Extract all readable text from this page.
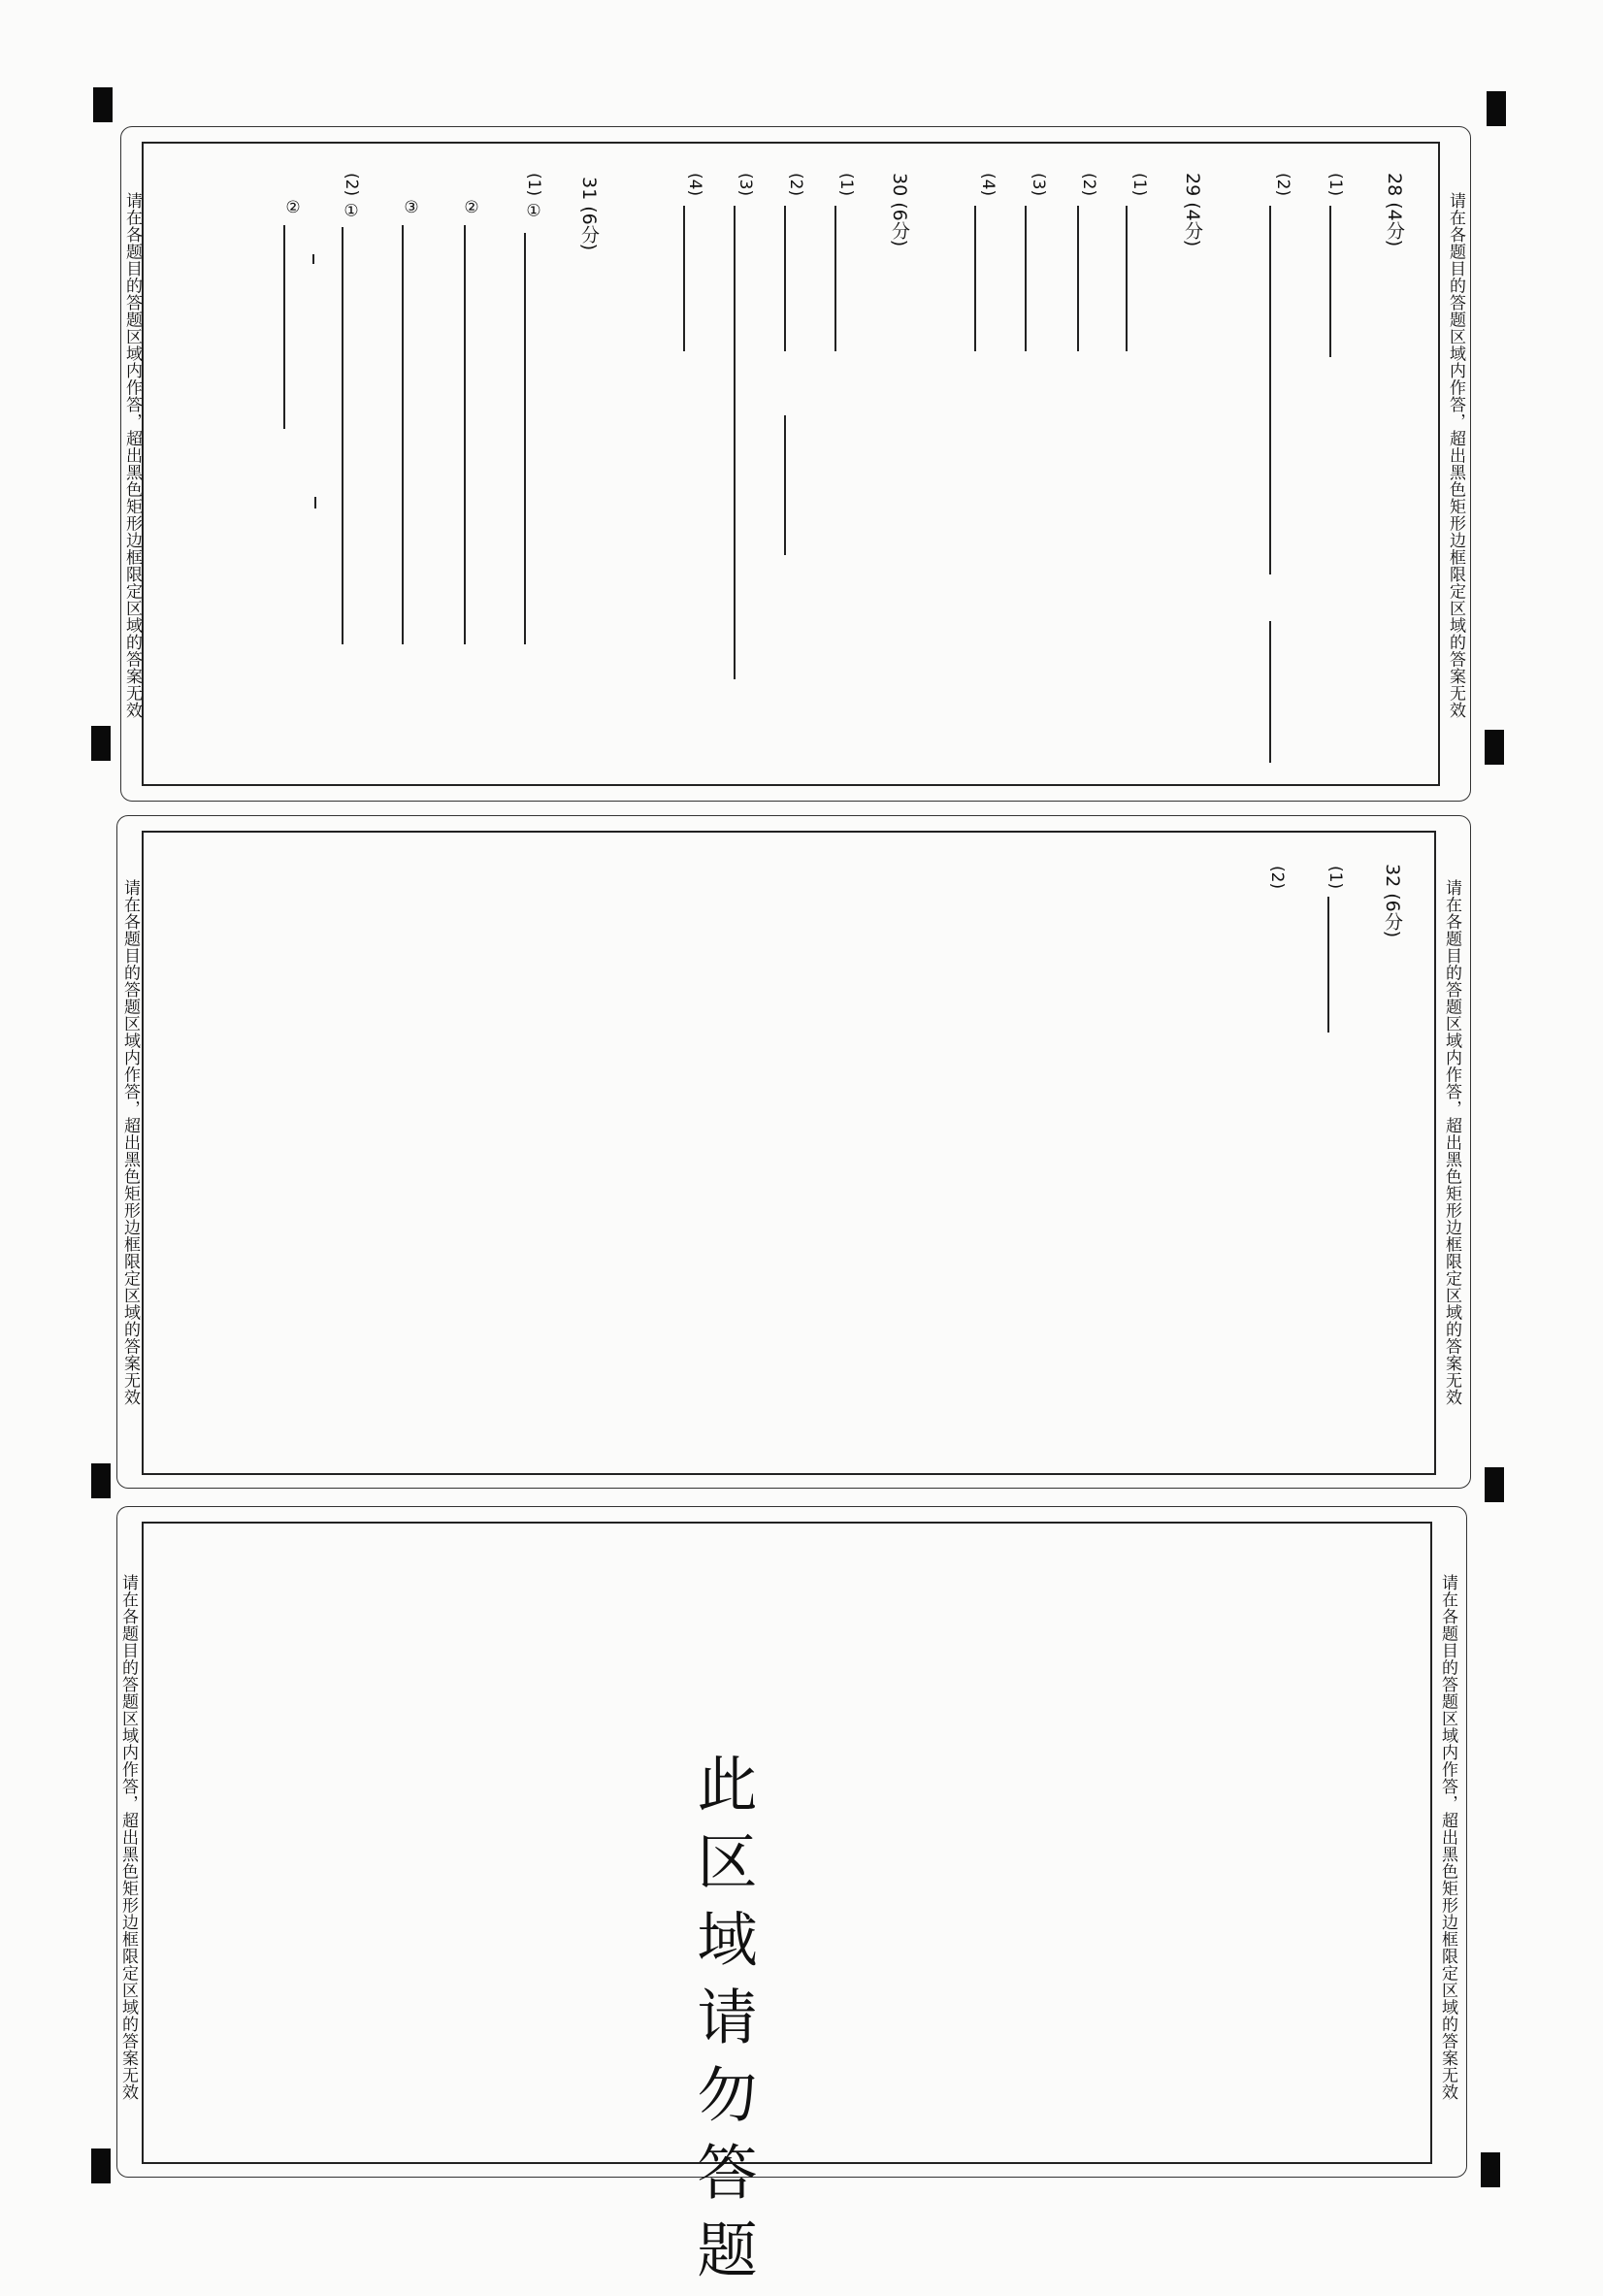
请在各题目的答题区域内作答，超出黑色矩形边框限定区域的答案无效
请在各题目的答题区域内作答，超出黑色矩形边框限定区域的答案无效	28 (4分)
(1)
(2)
29 (4分)
(1)
(2)
(3)
(4)
30 (6分)
(1)
(2)
(3)
(4)
31 (6分)
(1) ①
②
③
(2) ①
②
请在各题目的答题区域内作答，超出黑色矩形边框限定区域的答案无效
请在各题目的答题区域内作答，超出黑色矩形边框限定区域的答案无效	32 (6分)
(1)
(2)
请在各题目的答题区域内作答，超出黑色矩形边框限定区域的答案无效
请在各题目的答题区域内作答，超出黑色矩形边框限定区域的答案无效	此区域请勿答题
